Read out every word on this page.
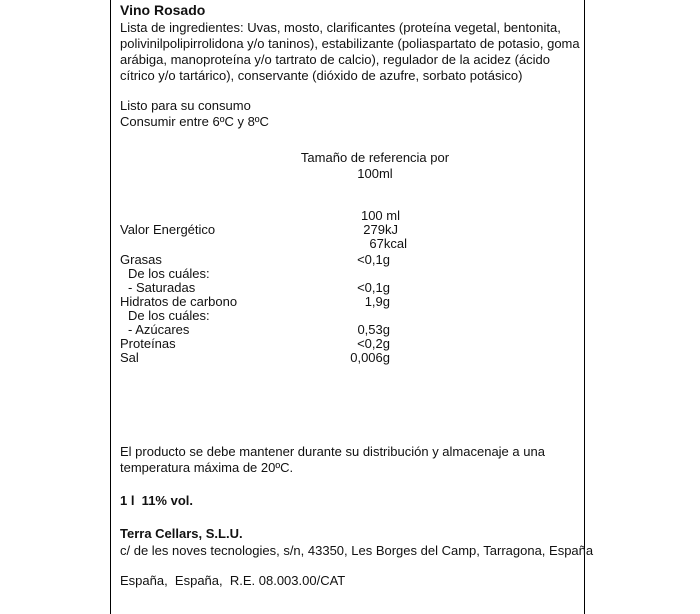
Vino Rosado
Lista de ingredientes: Uvas, mosto, clarificantes (proteína vegetal, bentonita,
polivinilpolipirrolidona y/o taninos), estabilizante (poliaspartato de potasio, goma
arábiga, manoproteína y/o tartrato de calcio), regulador de la acidez (ácido
cítrico y/o tartárico), conservante (dióxido de azufre, sorbato potásico)
Listo para su consumo
Consumir entre 6ºC y 8ºC
Tamaño de referencia por
100ml
100 ml
Valor Energético	279kJ
67kcal
Grasas	<0,1g
De los cuáles:
- Saturadas	<0,1g
Hidratos de carbono	1,9g
De los cuáles:
- Azúcares	0,53g
Proteínas	<0,2g
Sal	0,006g
El producto se debe mantener durante su distribución y almacenaje a una
temperatura máxima de 20ºC.
1 l  11% vol.
Terra Cellars, S.L.U.
c/ de les noves tecnologies, s/n, 43350, Les Borges del Camp, Tarragona, España
España,  España,  R.E. 08.003.00/CAT
